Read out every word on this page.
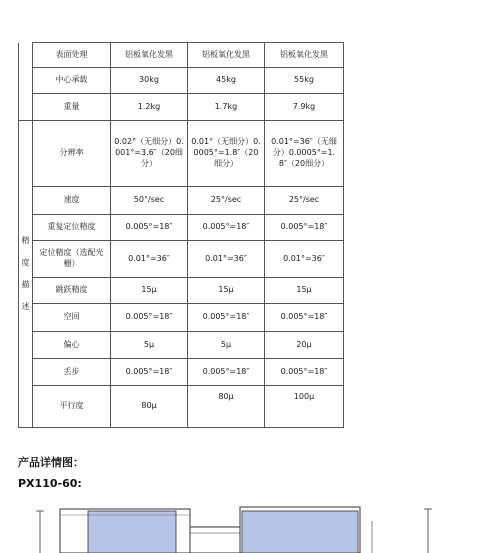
	表面处理	铝板氧化发黑	铝板氧化发黑	铝板氧化发黑
	中心承载	30kg	45kg	55kg
	重量	1.2kg	1.7kg	7.9kg

精
度
描
述	分辨率	0.02°（无细分）0.001°=3.6″（20细分）	0.01°（无细分）0.0005°=1.8″（20细分）	0.01°=36″（无细分）0.0005°=1.8″（20细分）
	速度	50°/sec	25°/sec	25°/sec
	重复定位精度	0.005°=18″	0.005°=18″	0.005°=18″
	定位精度（选配光栅）	0.01°=36″	0.01°=36″	0.01°=36″
	跳跃精度	15μ	15μ	15μ
	空回	0.005°=18″	0.005°=18″	0.005°=18″
	偏心	5μ	5μ	20μ
	丢步	0.005°=18″	0.005°=18″	0.005°=18″
	平行度	80μ	80μ	100μ
产品详情图：
PX110-60:
